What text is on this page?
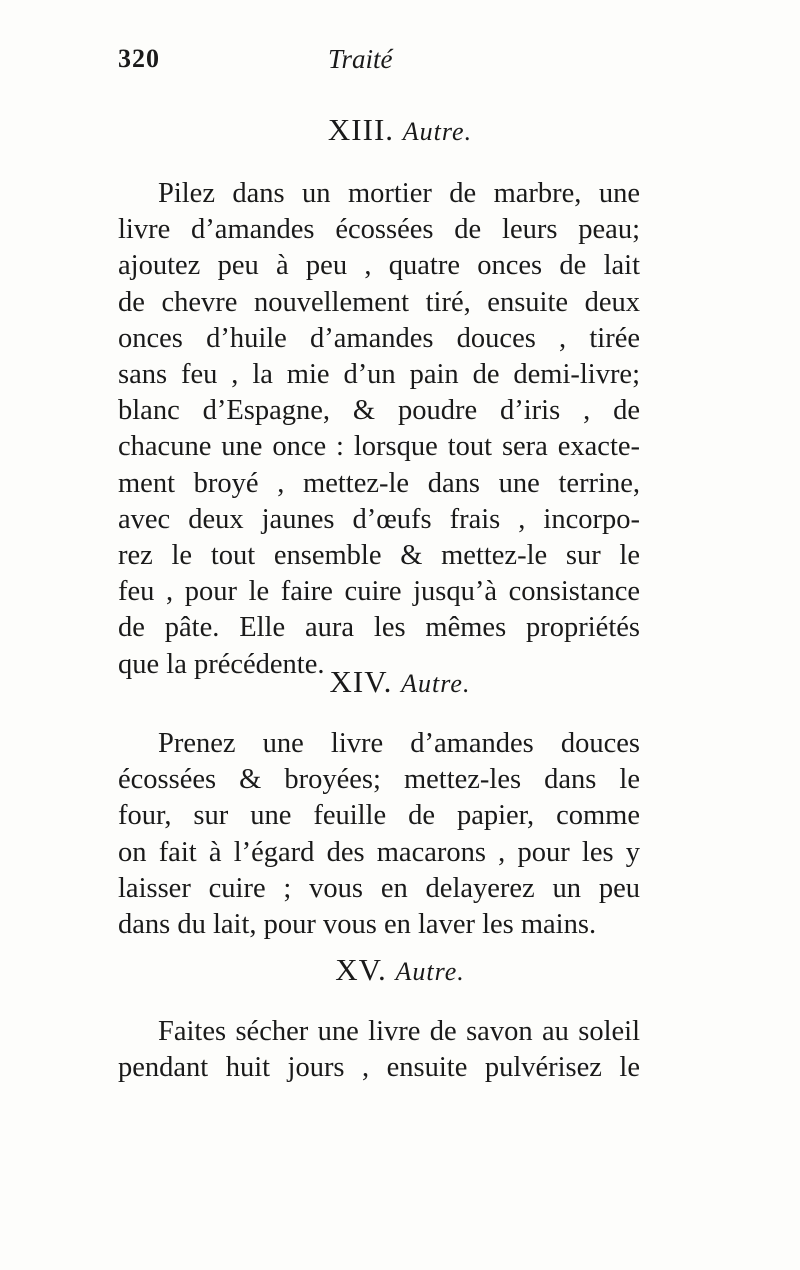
320	Traité
XIII. Autre.
Pilez dans un mortier de marbre, une
livre d’amandes écossées de leurs peau;
ajoutez peu à peu , quatre onces de lait
de chevre nouvellement tiré, ensuite deux
onces d’huile d’amandes douces , tirée
sans feu , la mie d’un pain de demi-livre;
blanc d’Espagne, & poudre d’iris , de
chacune une once : lorsque tout sera exacte-
ment broyé , mettez-le dans une terrine,
avec deux jaunes d’œufs frais , incorpo-
rez le tout ensemble & mettez-le sur le
feu , pour le faire cuire jusqu’à consistance
de pâte. Elle aura les mêmes propriétés
que la précédente. XIV. Autre.
Prenez une livre d’amandes douces
écossées & broyées; mettez-les dans le
four, sur une feuille de papier, comme
on fait à l’égard des macarons , pour les y
laisser cuire ; vous en delayerez un peu
dans du lait, pour vous en laver les mains.
XV. Autre.
Faites sécher une livre de savon au soleil
pendant huit jours , ensuite pulvérisez le
